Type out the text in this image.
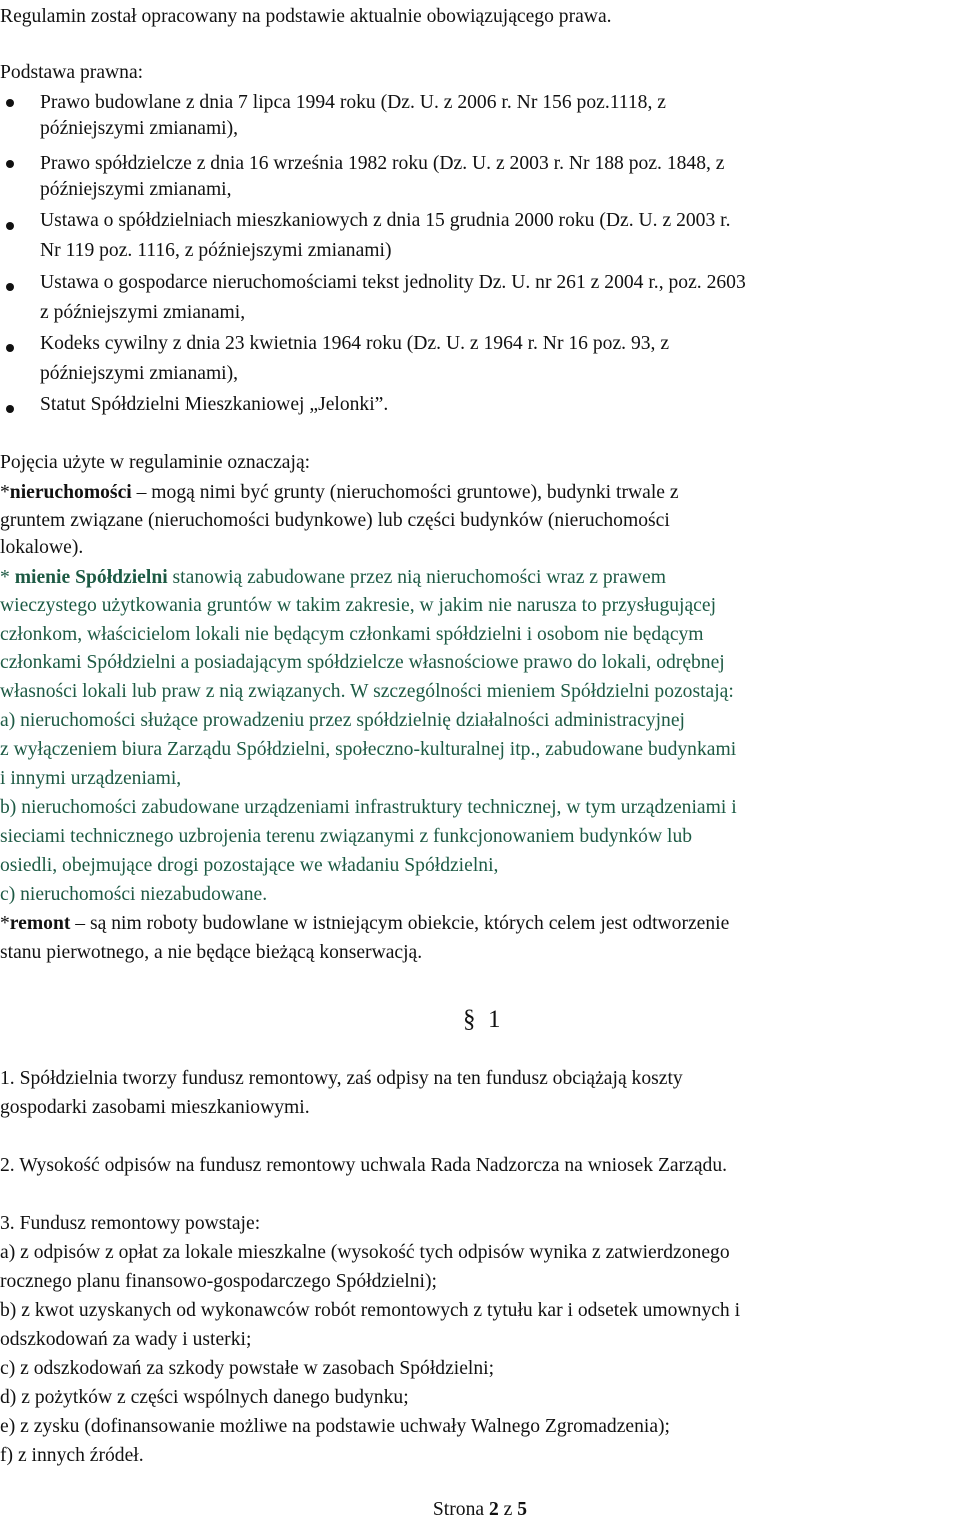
Regulamin został opracowany na podstawie aktualnie obowiązującego prawa.
Podstawa prawna:
Prawo budowlane z dnia 7 lipca 1994 roku (Dz. U. z 2006 r. Nr 156 poz.1118, z
późniejszymi zmianami),
Prawo spółdzielcze z dnia 16 września 1982 roku (Dz. U. z 2003 r. Nr 188 poz. 1848, z
późniejszymi zmianami,
Ustawa o spółdzielniach mieszkaniowych z dnia 15 grudnia 2000 roku (Dz. U. z 2003 r.
Nr 119 poz. 1116, z późniejszymi zmianami)
Ustawa o gospodarce nieruchomościami tekst jednolity Dz. U. nr 261 z 2004 r., poz. 2603
z późniejszymi zmianami,
Kodeks cywilny z dnia 23 kwietnia 1964 roku (Dz. U. z 1964 r. Nr 16 poz. 93, z
późniejszymi zmianami),
Statut Spółdzielni Mieszkaniowej „Jelonki”.
Pojęcia użyte w regulaminie oznaczają:
*nieruchomości – mogą nimi być grunty (nieruchomości gruntowe), budynki trwale z
gruntem związane (nieruchomości budynkowe) lub części budynków (nieruchomości
lokalowe).
* mienie Spółdzielni stanowią zabudowane przez nią nieruchomości wraz z prawem
wieczystego użytkowania gruntów w takim zakresie, w jakim nie narusza to przysługującej
członkom, właścicielom lokali nie będącym członkami spółdzielni i osobom nie będącym
członkami Spółdzielni a posiadającym spółdzielcze własnościowe prawo do lokali, odrębnej
własności lokali lub praw z nią związanych. W szczególności mieniem Spółdzielni pozostają:
a) nieruchomości służące prowadzeniu przez spółdzielnię działalności administracyjnej
z wyłączeniem biura Zarządu Spółdzielni, społeczno-kulturalnej itp., zabudowane budynkami
i innymi urządzeniami,
b) nieruchomości zabudowane urządzeniami infrastruktury technicznej, w tym urządzeniami i
sieciami technicznego uzbrojenia terenu związanymi z funkcjonowaniem budynków lub
osiedli, obejmujące drogi pozostające we władaniu Spółdzielni,
c) nieruchomości niezabudowane.
*remont – są nim roboty budowlane w istniejącym obiekcie, których celem jest odtworzenie
stanu pierwotnego, a nie będące bieżącą konserwacją.
§ 1
1. Spółdzielnia tworzy fundusz remontowy, zaś odpisy na ten fundusz obciążają koszty
gospodarki zasobami mieszkaniowymi.
2. Wysokość odpisów na fundusz remontowy uchwala Rada Nadzorcza na wniosek Zarządu.
3. Fundusz remontowy powstaje:
a) z odpisów z opłat za lokale mieszkalne (wysokość tych odpisów wynika z zatwierdzonego
rocznego planu finansowo-gospodarczego Spółdzielni);
b) z kwot uzyskanych od wykonawców robót remontowych z tytułu kar i odsetek umownych i
odszkodowań za wady i usterki;
c) z odszkodowań za szkody powstałe w zasobach Spółdzielni;
d) z pożytków z części wspólnych danego budynku;
e) z zysku (dofinansowanie możliwe na podstawie uchwały Walnego Zgromadzenia);
f) z innych źródeł.
Strona 2 z 5
